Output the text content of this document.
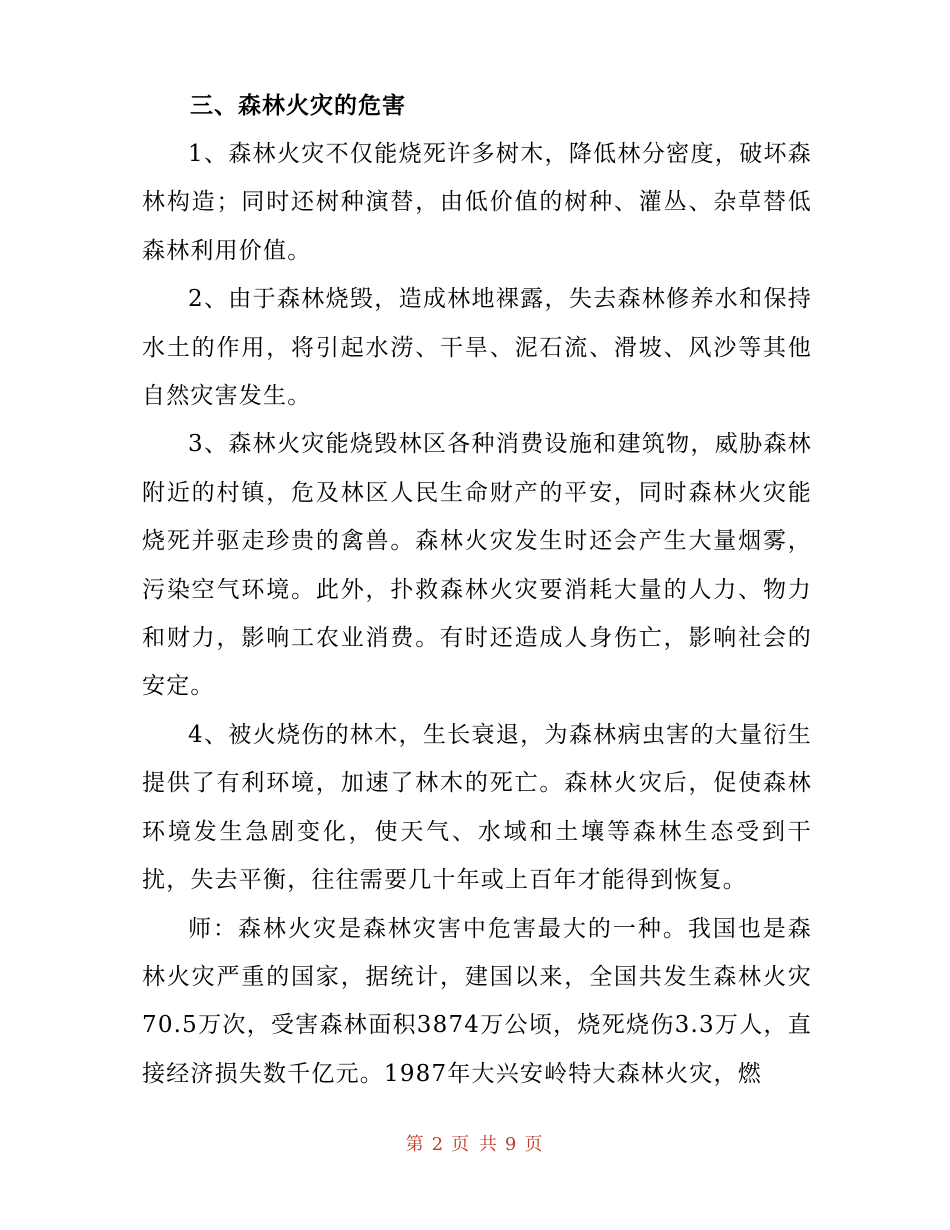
三、森林火灾的危害

1、森林火灾不仅能烧死许多树木，降低林分密度，破坏森林构造；同时还树种演替，由低价值的树种、灌丛、杂草替低森林利用价值。

2、由于森林烧毁，造成林地裸露，失去森林修养水和保持水土的作用，将引起水涝、干旱、泥石流、滑坡、风沙等其他自然灾害发生。

3、森林火灾能烧毁林区各种消费设施和建筑物，威胁森林附近的村镇，危及林区人民生命财产的平安，同时森林火灾能烧死并驱走珍贵的禽兽。森林火灾发生时还会产生大量烟雾，污染空气环境。此外，扑救森林火灾要消耗大量的人力、物力和财力，影响工农业消费。有时还造成人身伤亡，影响社会的安定。

4、被火烧伤的林木，生长衰退，为森林病虫害的大量衍生提供了有利环境，加速了林木的死亡。森林火灾后，促使森林环境发生急剧变化，使天气、水域和土壤等森林生态受到干扰，失去平衡，往往需要几十年或上百年才能得到恢复。

师：森林火灾是森林灾害中危害最大的一种。我国也是森林火灾严重的国家，据统计，建国以来，全国共发生森林火灾70.5万次，受害森林面积3874万公顷，烧死烧伤3.3万人，直接经济损失数千亿元。1987年大兴安岭特大森林火灾，燃

第 2 页 共 9 页
